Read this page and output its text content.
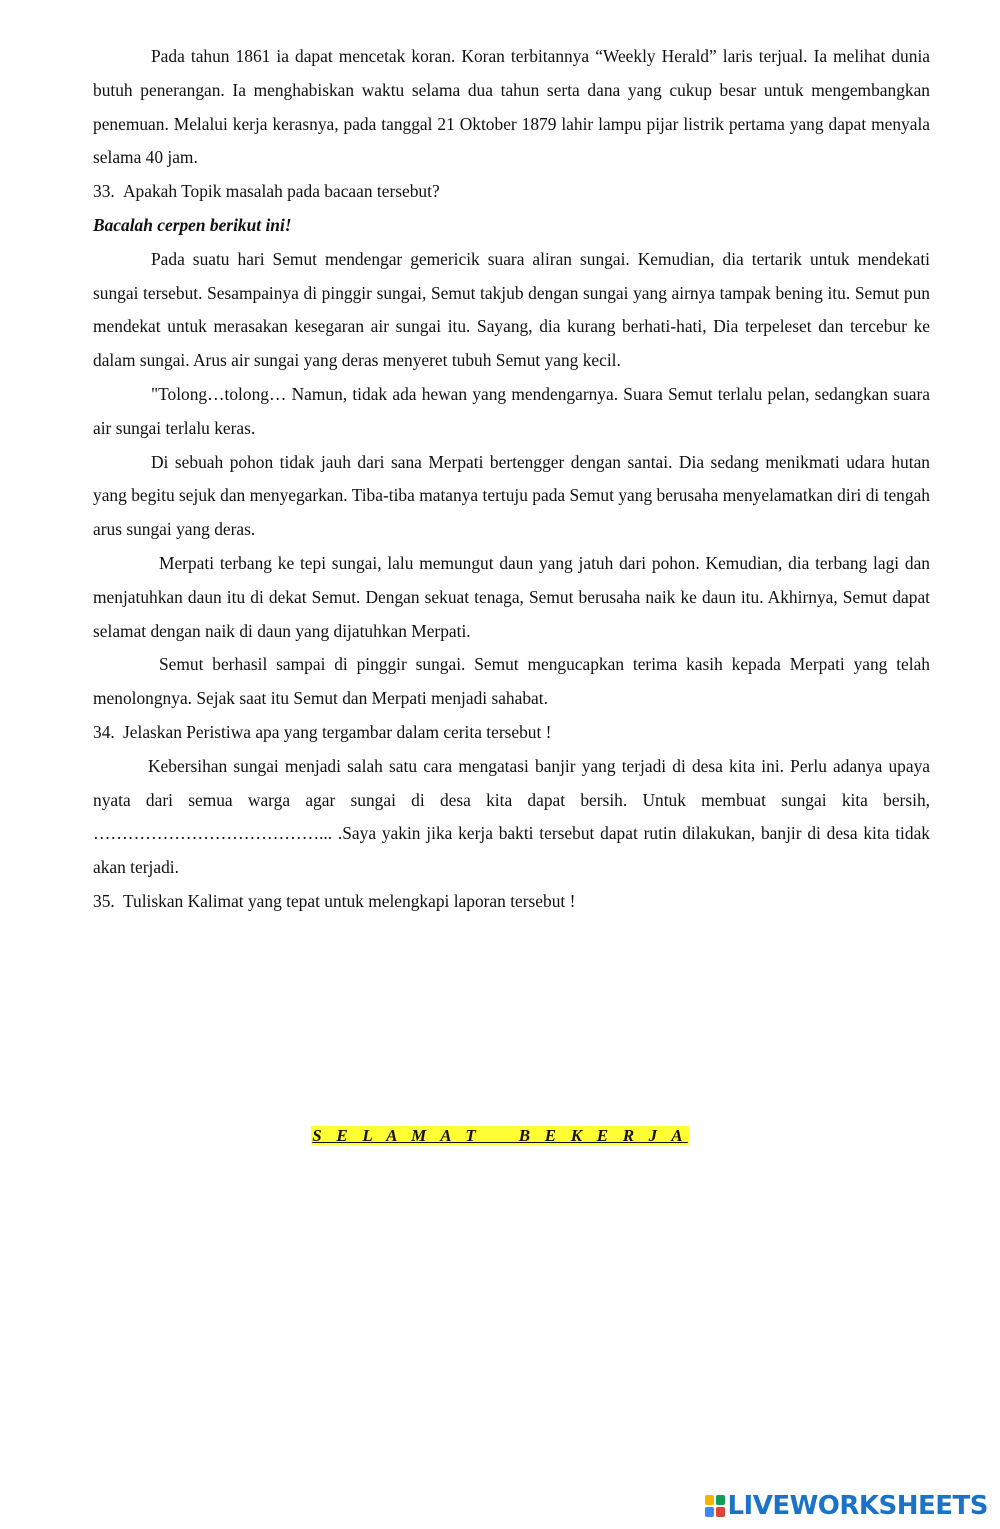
Pada tahun 1861 ia dapat mencetak koran. Koran terbitannya “Weekly Herald” laris terjual. Ia melihat dunia butuh penerangan. Ia menghabiskan waktu selama dua tahun serta dana yang cukup besar untuk mengembangkan penemuan. Melalui kerja kerasnya, pada tanggal 21 Oktober 1879 lahir lampu pijar listrik pertama yang dapat menyala selama 40 jam.

33. Apakah Topik masalah pada bacaan tersebut?

Bacalah cerpen berikut ini!

Pada suatu hari Semut mendengar gemericik suara aliran sungai. Kemudian, dia tertarik untuk mendekati sungai tersebut. Sesampainya di pinggir sungai, Semut takjub dengan sungai yang airnya tampak bening itu. Semut pun mendekat untuk merasakan kesegaran air sungai itu. Sayang, dia kurang berhati-hati, Dia terpeleset dan tercebur ke dalam sungai. Arus air sungai yang deras menyeret tubuh Semut yang kecil.

"Tolong…tolong… Namun, tidak ada hewan yang mendengarnya. Suara Semut terlalu pelan, sedangkan suara air sungai terlalu keras.

Di sebuah pohon tidak jauh dari sana Merpati bertengger dengan santai. Dia sedang menikmati udara hutan yang begitu sejuk dan menyegarkan. Tiba-tiba matanya tertuju pada Semut yang berusaha menyelamatkan diri di tengah arus sungai yang deras.

Merpati terbang ke tepi sungai, lalu memungut daun yang jatuh dari pohon. Kemudian, dia terbang lagi dan menjatuhkan daun itu di dekat Semut. Dengan sekuat tenaga, Semut berusaha naik ke daun itu. Akhirnya, Semut dapat selamat dengan naik di daun yang dijatuhkan Merpati.

Semut berhasil sampai di pinggir sungai. Semut mengucapkan terima kasih kepada Merpati yang telah menolongnya. Sejak saat itu Semut dan Merpati menjadi sahabat.

34. Jelaskan Peristiwa apa yang tergambar dalam cerita tersebut !

Kebersihan sungai menjadi salah satu cara mengatasi banjir yang terjadi di desa kita ini. Perlu adanya upaya nyata dari semua warga agar sungai di desa kita dapat bersih. Untuk membuat sungai kita bersih, …………………………………... .Saya yakin jika kerja bakti tersebut dapat rutin dilakukan, banjir di desa kita tidak akan terjadi.

35. Tuliskan Kalimat yang tepat untuk melengkapi laporan tersebut !

S E L A M A T    B E K E R J A
LIVEWORKSHEETS
